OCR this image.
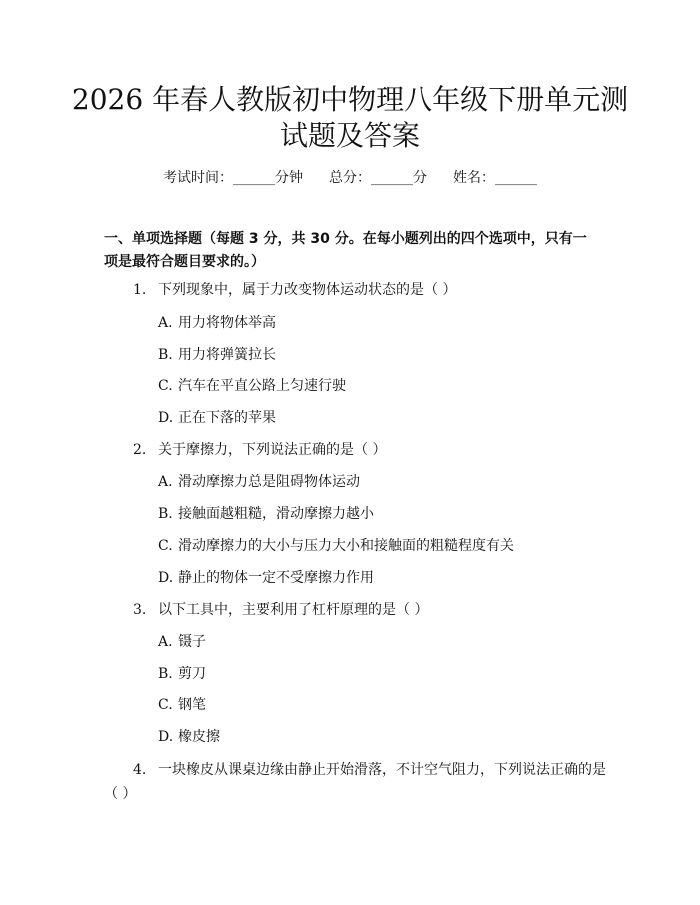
2026 年春人教版初中物理八年级下册单元测
试题及答案
考试时间：______分钟 总分：______分 姓名：______

一、单项选择题（每题 3 分，共 30 分。在每小题列出的四个选项中，只有一项是最符合题目要求的。）

1. 下列现象中，属于力改变物体运动状态的是（ ）
A. 用力将物体举高
B. 用力将弹簧拉长
C. 汽车在平直公路上匀速行驶
D. 正在下落的苹果
2. 关于摩擦力，下列说法正确的是（ ）
A. 滑动摩擦力总是阻碍物体运动
B. 接触面越粗糙，滑动摩擦力越小
C. 滑动摩擦力的大小与压力大小和接触面的粗糙程度有关
D. 静止的物体一定不受摩擦力作用
3. 以下工具中，主要利用了杠杆原理的是（ ）
A. 镊子
B. 剪刀
C. 钢笔
D. 橡皮擦
4. 一块橡皮从课桌边缘由静止开始滑落，不计空气阻力，下列说法正确的是
（ ）
